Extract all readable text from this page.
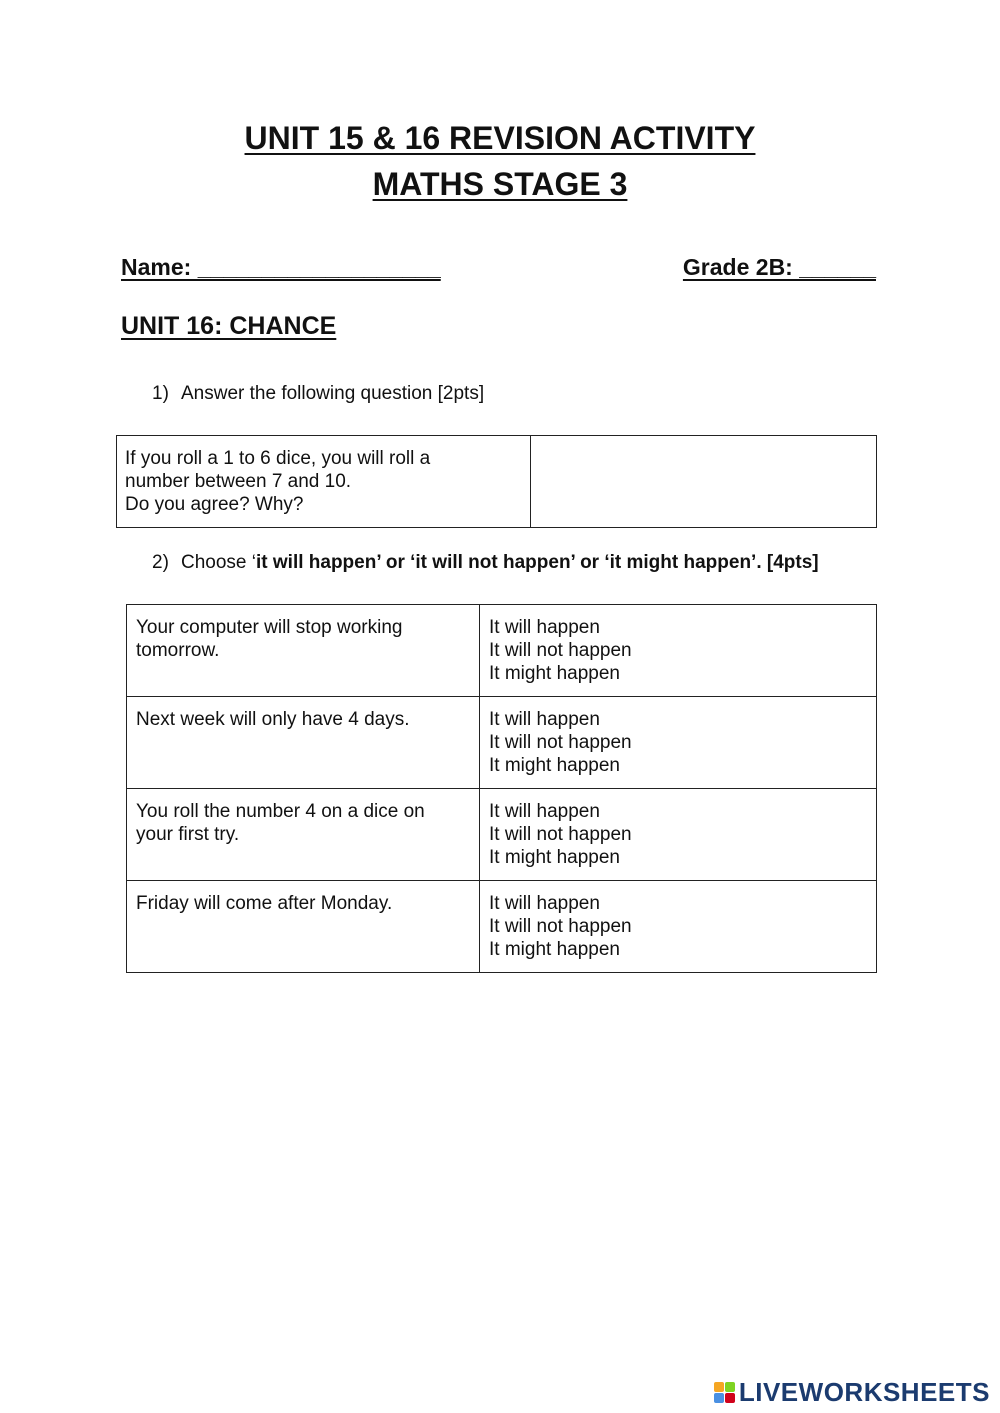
UNIT 15 & 16 REVISION ACTIVITY
MATHS STAGE 3
Name: ___________________	Grade 2B: ______
UNIT 16: CHANCE
1) Answer the following question [2pts]
If you roll a 1 to 6 dice, you will roll a
number between 7 and 10.
Do you agree? Why?

2) Choose ‘it will happen’ or ‘it will not happen’ or ‘it might happen’. [4pts]
Your computer will stop working
tomorrow.	It will happen
It will not happen
It might happen

Next week will only have 4 days.	It will happen
It will not happen
It might happen

You roll the number 4 on a dice on
your first try.	It will happen
It will not happen
It might happen

Friday will come after Monday.	It will happen
It will not happen
It might happen
LIVEWORKSHEETS
